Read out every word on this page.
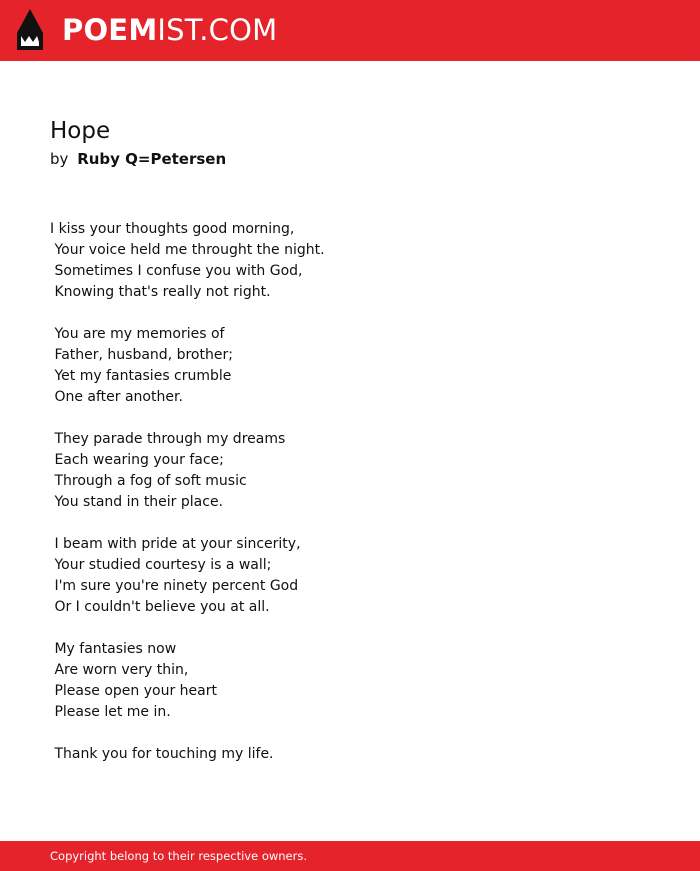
POEMIST.COM
Hope
by Ruby Q=Petersen
I kiss your thoughts good morning,
Your voice held me throught the night.
Sometimes I confuse you with God,
Knowing that's really not right.

You are my memories of
Father, husband, brother;
Yet my fantasies crumble
One after another.

They parade through my dreams
Each wearing your face;
Through a fog of soft music
You stand in their place.

I beam with pride at your sincerity,
Your studied courtesy is a wall;
I'm sure you're ninety percent God
Or I couldn't believe you at all.

My fantasies now
Are worn very thin,
Please open your heart
Please let me in.

Thank you for touching my life.
Copyright belong to their respective owners.
